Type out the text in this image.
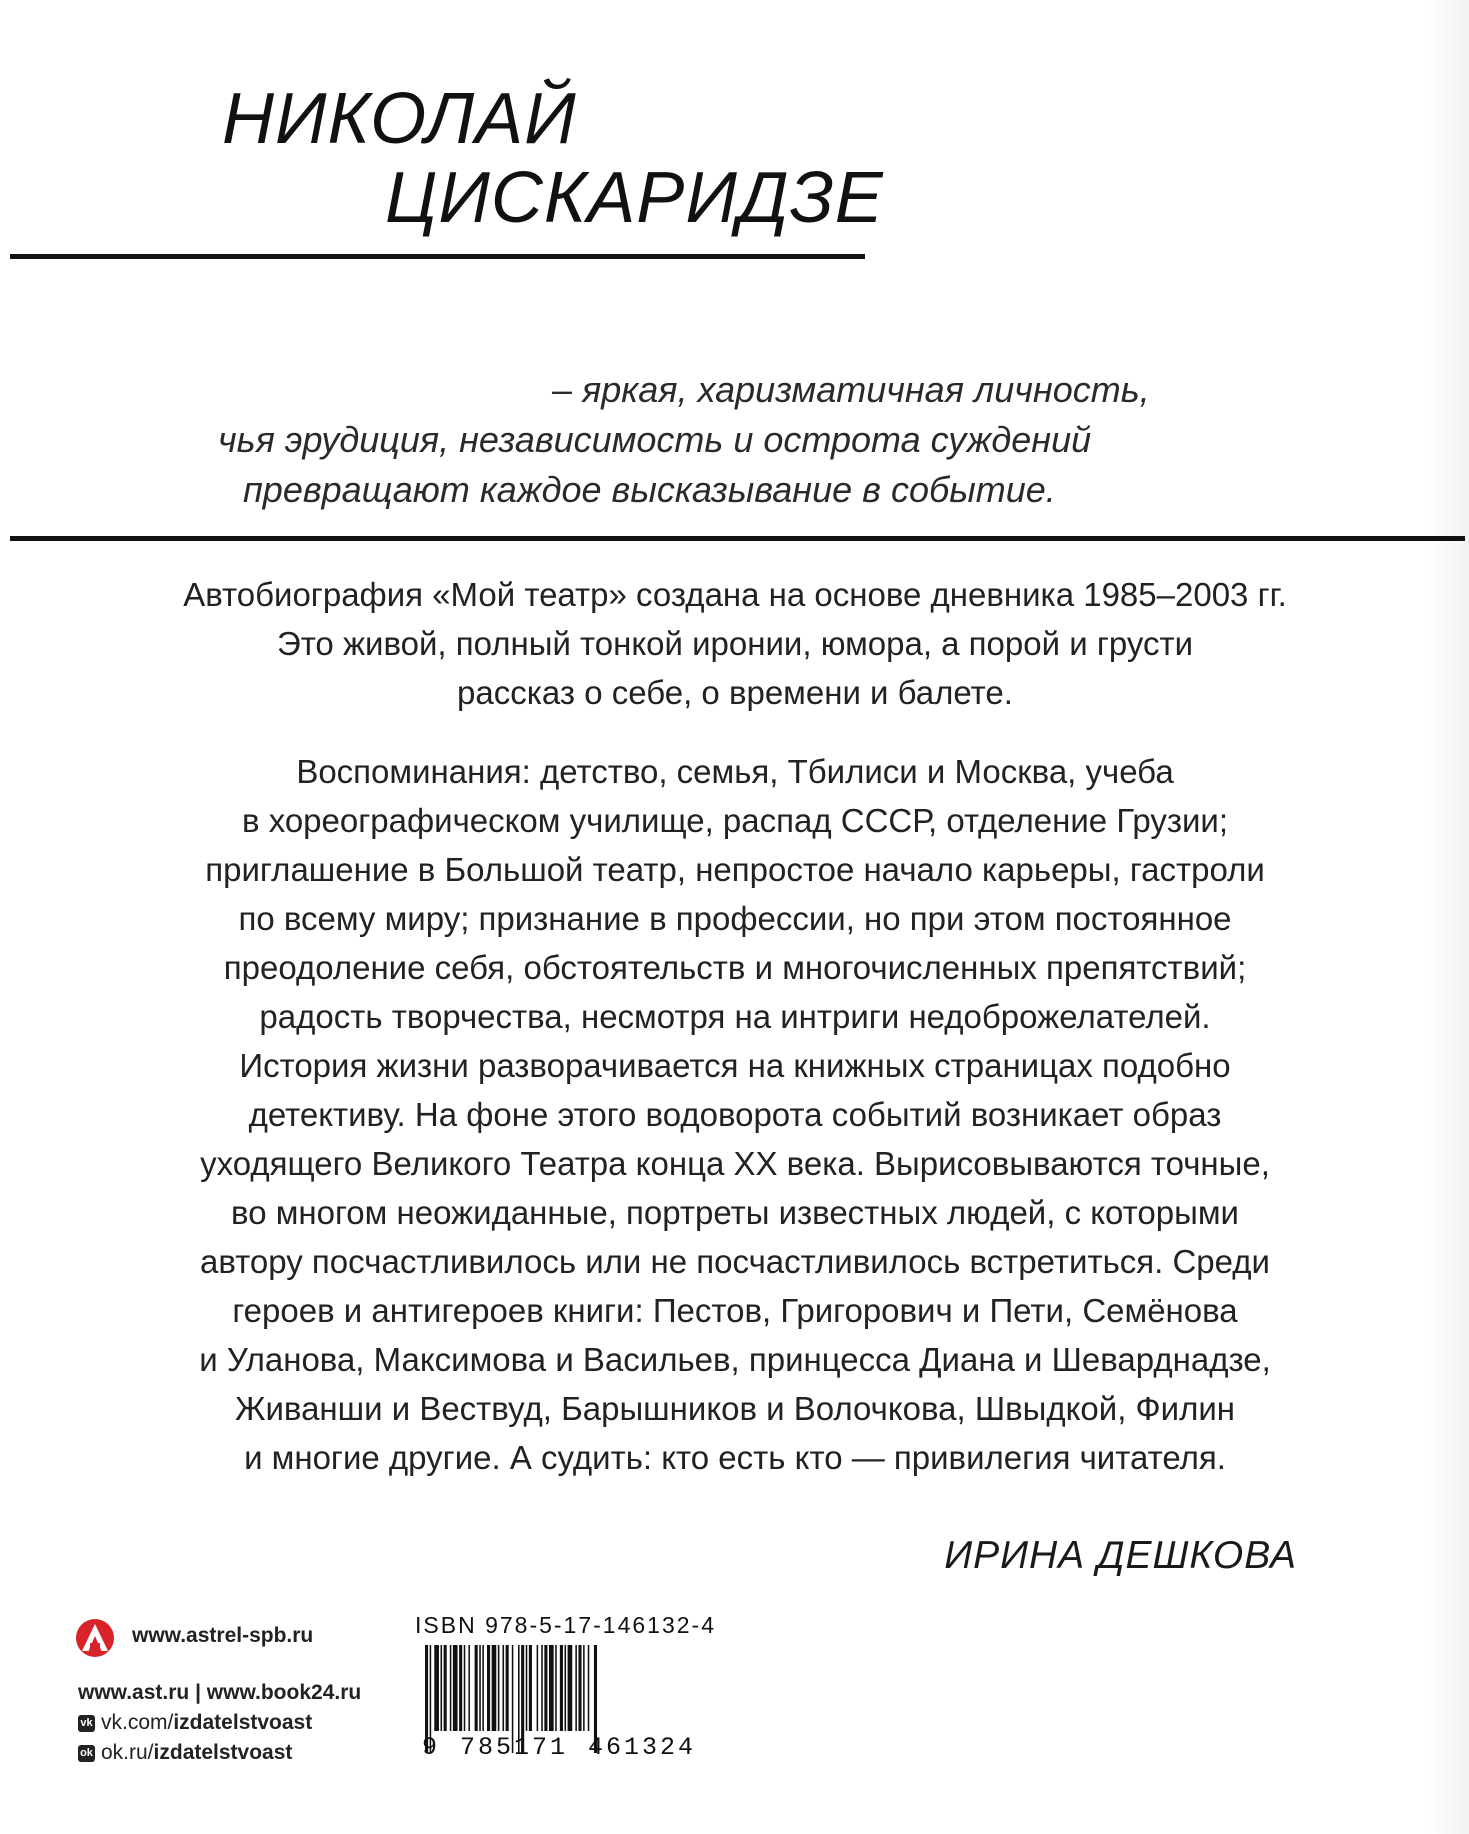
НИКОЛАЙ
ЦИСКАРИДЗЕ
– яркая, харизматичная личность,
чья эрудиция, независимость и острота суждений
превращают каждое высказывание в событие.
Автобиография «Мой театр» создана на основе дневника 1985–2003 гг.
Это живой, полный тонкой иронии, юмора, а порой и грусти
рассказ о себе, о времени и балете.
Воспоминания: детство, семья, Тбилиси и Москва, учеба
в хореографическом училище, распад СССР, отделение Грузии;
приглашение в Большой театр, непростое начало карьеры, гастроли
по всему миру; признание в профессии, но при этом постоянное
преодоление себя, обстоятельств и многочисленных препятствий;
радость творчества, несмотря на интриги недоброжелателей.
История жизни разворачивается на книжных страницах подобно
детективу. На фоне этого водоворота событий возникает образ
уходящего Великого Театра конца XX века. Вырисовываются точные,
во многом неожиданные, портреты известных людей, с которыми
автору посчастливилось или не посчастливилось встретиться. Среди
героев и антигероев книги: Пестов, Григорович и Пети, Семёнова
и Уланова, Максимова и Васильев, принцесса Диана и Шеварднадзе,
Живанши и Вествуд, Барышников и Волочкова, Швыдкой, Филин
и многие другие. А судить: кто есть кто — привилегия читателя.
ИРИНА ДЕШКОВА
www.astrel-spb.ru
www.ast.ru | www.book24.ru
vk vk.com/ izdatelstvoast
ok ok.ru/ izdatelstvoast
ISBN 978-5-17-146132-4
9 785171 461324
